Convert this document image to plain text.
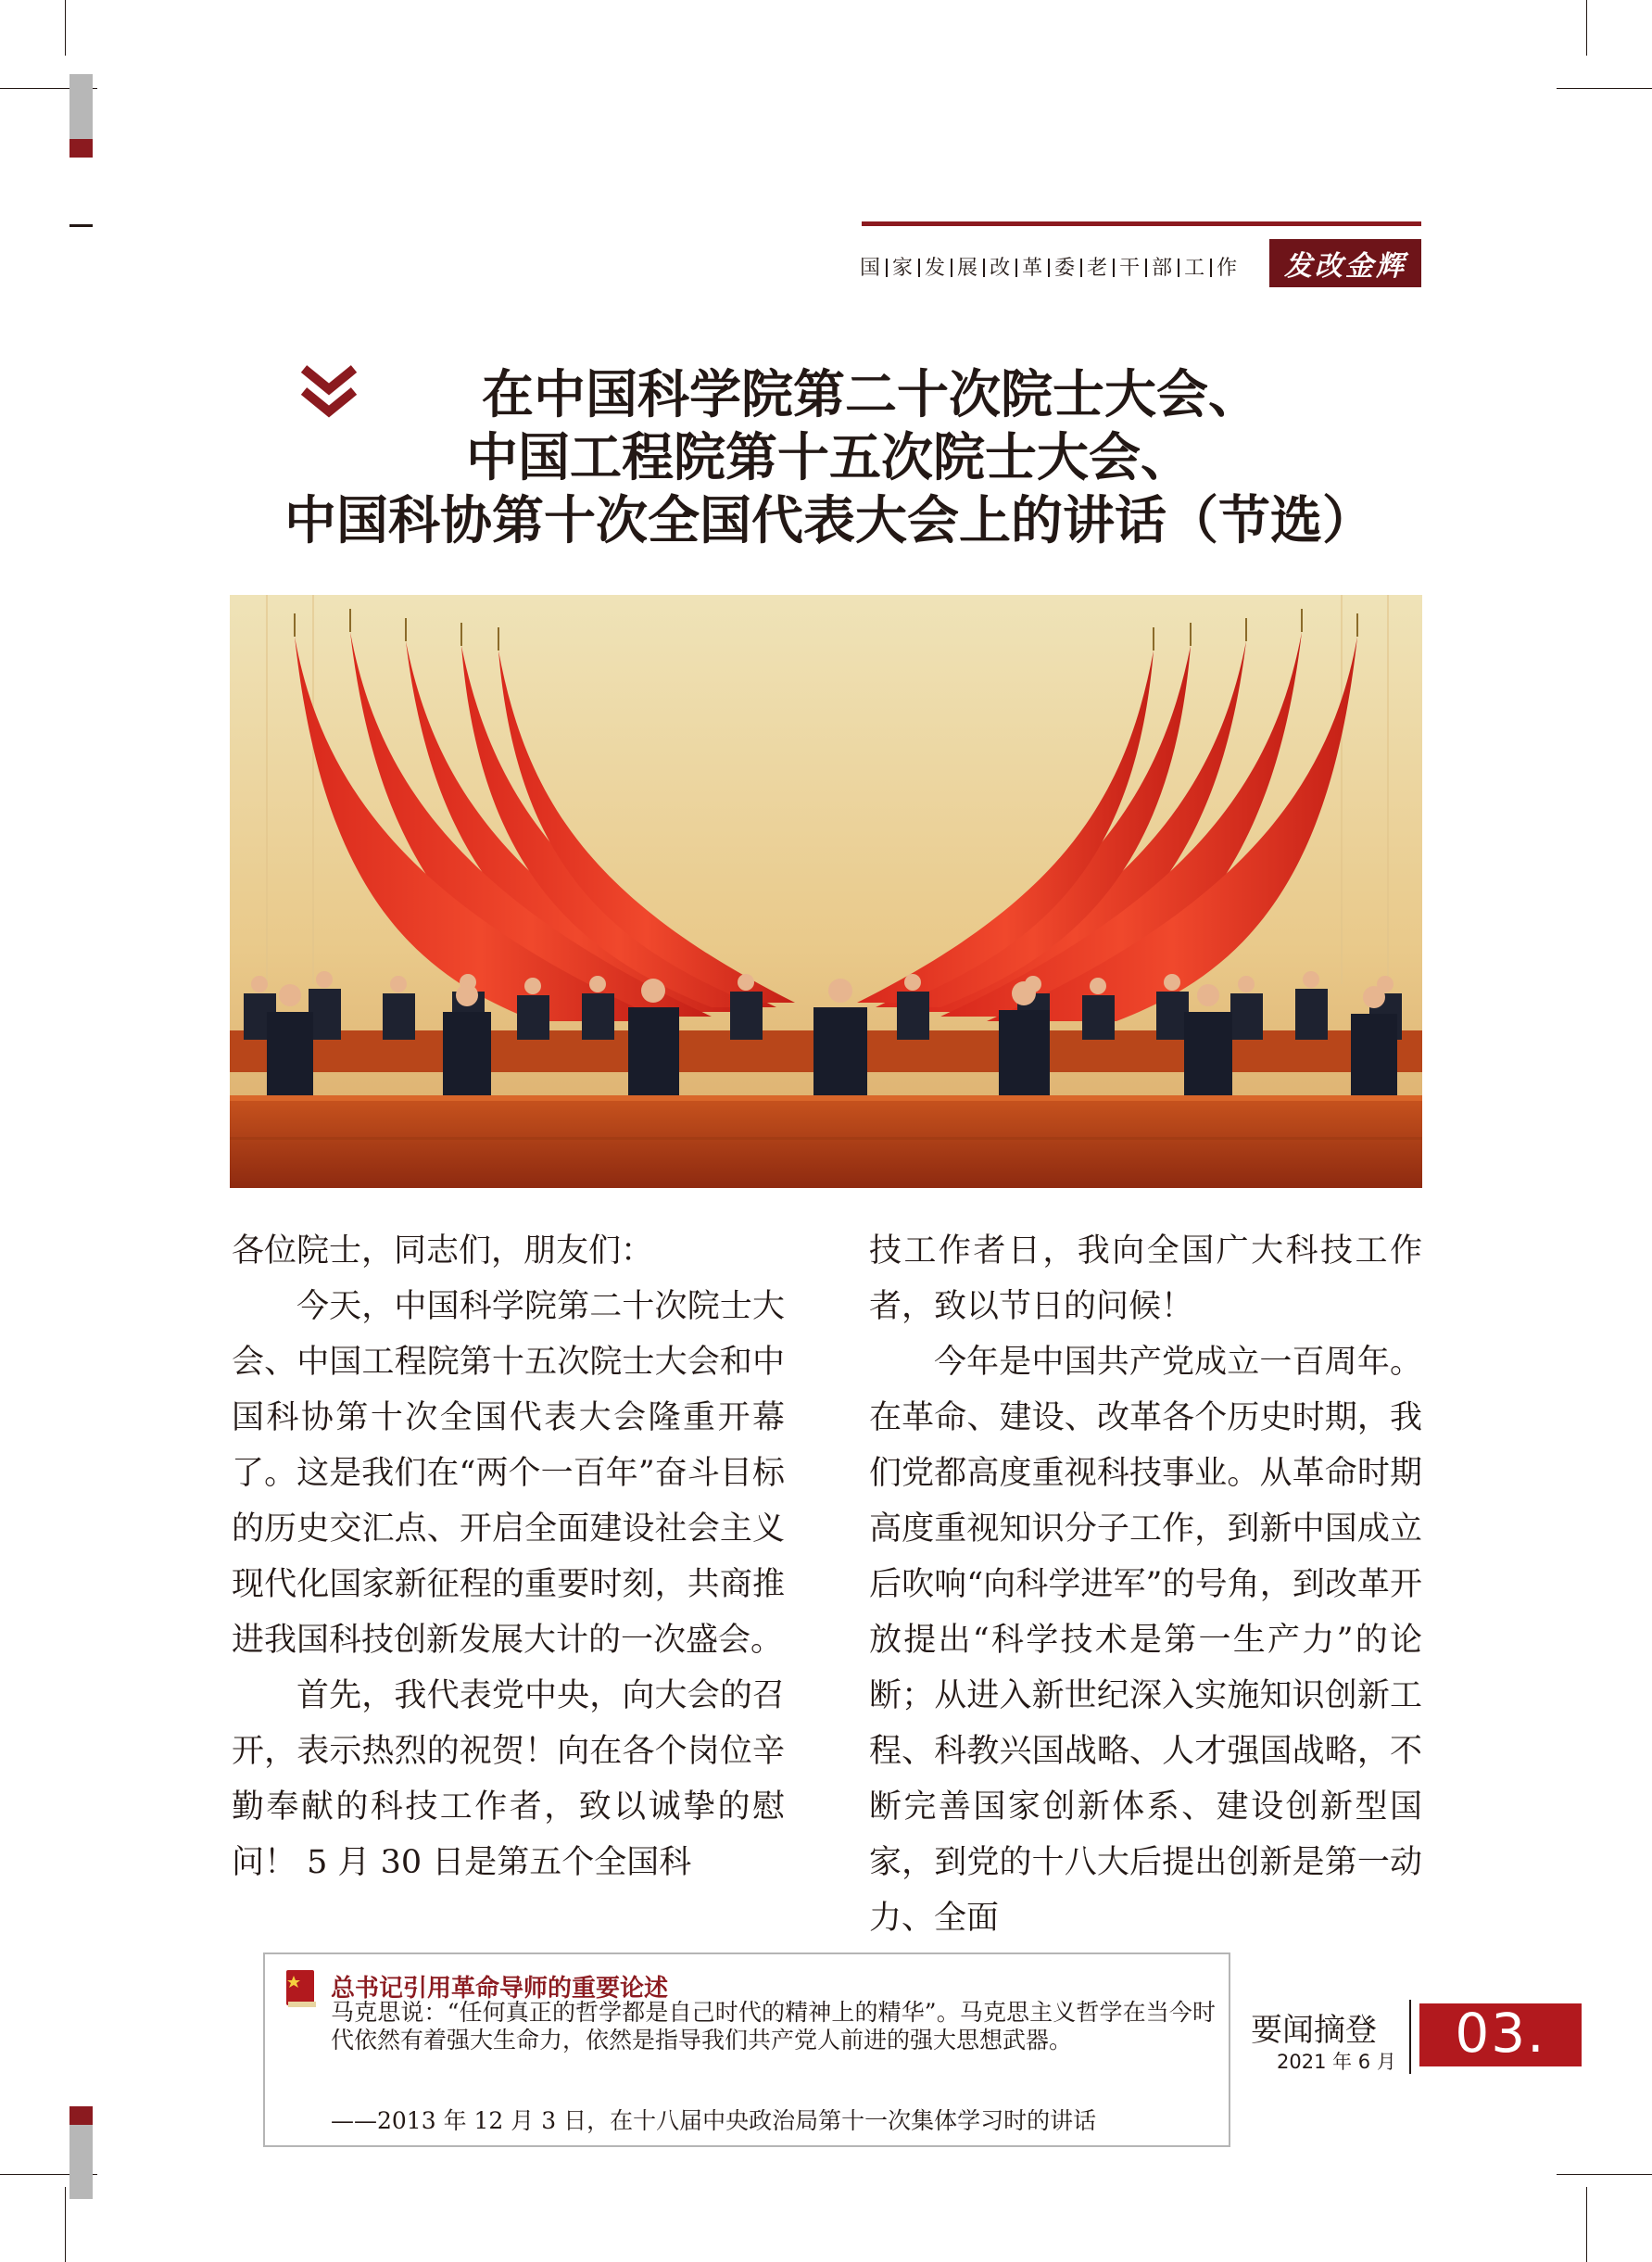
国 家 发 展 改 革 委 老 干 部 工 作	发改金辉
在中国科学院第二十次院士大会、
中国工程院第十五次院士大会、
中国科协第十次全国代表大会上的讲话（节选）

各位院士，同志们，朋友们：

今天，中国科学院第二十次院士大会、中国工程院第十五次院士大会和中国科协第十次全国代表大会隆重开幕了。这是我们在“两个一百年”奋斗目标的历史交汇点、开启全面建设社会主义现代化国家新征程的重要时刻，共商推进我国科技创新发展大计的一次盛会。

首先，我代表党中央，向大会的召开，表示热烈的祝贺！向在各个岗位辛勤奉献的科技工作者，致以诚挚的慰问！ 5 月 30 日是第五个全国科

技工作者日，我向全国广大科技工作者，致以节日的问候！

今年是中国共产党成立一百周年。在革命、建设、改革各个历史时期，我们党都高度重视科技事业。从革命时期高度重视知识分子工作，到新中国成立后吹响“向科学进军”的号角，到改革开放提出“科学技术是第一生产力”的论断；从进入新世纪深入实施知识创新工程、科教兴国战略、人才强国战略，不断完善国家创新体系、建设创新型国家，到党的十八大后提出创新是第一动力、全面

总书记引用革命导师的重要论述
马克思说：“任何真正的哲学都是自己时代的精神上的精华”。马克思主义哲学在当今时代依然有着强大生命力，依然是指导我们共产党人前进的强大思想武器。
——2013 年 12 月 3 日，在十八届中央政治局第十一次集体学习时的讲话
要闻摘登
2021 年 6 月	03.
